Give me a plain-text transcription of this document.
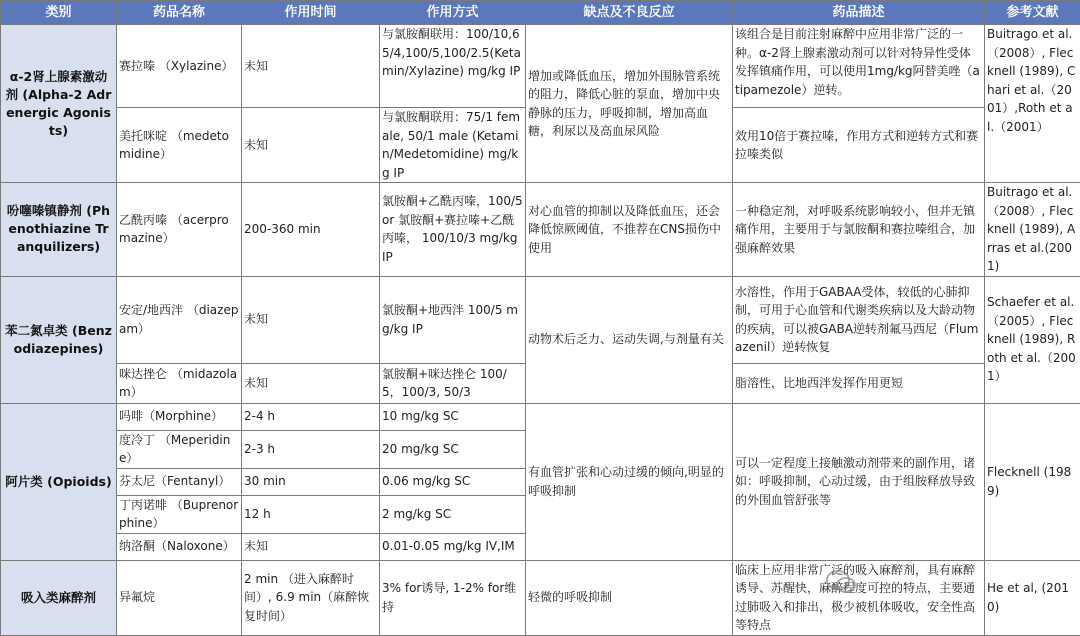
类别	药品名称	作用时间	作用方式	缺点及不良反应	药品描述	参考文献
α-2肾上腺素激动剂 (Alpha-2 Adrenergic Agonists)	赛拉嗪 （Xylazine）	未知	与氯胺酮联用：100/10,65/4,100/5,100/2.5(Ketamin/Xylazine) mg/kg IP	增加或降低血压，增加外围脉管系统的阻力，降低心脏的泵血，增加中央静脉的压力，呼吸抑制，增加高血糖，利尿以及高血尿风险	该组合是目前注射麻醉中应用非常广泛的一种。α-2肾上腺素激动剂可以针对特异性受体发挥镇痛作用，可以使用1mg/kg阿替美唑（atipamezole）逆转。	Buitrago et al.（2008）, Flecknell (1989), Chari et al.（2001）,Roth et al.（2001）
	美托咪啶 （medetomidine）	未知	与氯胺酮联用：75/1 female, 50/1 male (Ketamin/Medetomidine) mg/kg IP		效用10倍于赛拉嗪，作用方式和逆转方式和赛拉嗪类似	
吩噻嗪镇静剂 (Phenothiazine Tranquilizers)	乙酰丙嗪 （acerpromazine）	200-360 min	氯胺酮+乙酰丙嗪，100/5 or 氯胺酮+赛拉嗪+乙酰丙嗪， 100/10/3 mg/kg IP	对心血管的抑制以及降低血压，还会降低惊厥阈值，不推荐在CNS损伤中使用	一种稳定剂，对呼吸系统影响较小，但并无镇痛作用，主要用于与氯胺酮和赛拉嗪组合，加强麻醉效果	Buitrago et al.（2008）, Flecknell (1989), Arras et al.(2001)
苯二氮卓类 (Benzodiazepines)	安定/地西泮 （diazepam）	未知	氯胺酮+地西泮 100/5 mg/kg IP	动物术后乏力、运动失调,与剂量有关	水溶性，作用于GABAA受体，较低的心肺抑制，可用于心血管和代谢类疾病以及大龄动物的疾病，可以被GABA逆转剂氟马西尼（Flumazenil）逆转恢复	Schaefer et al.（2005）, Flecknell (1989), Roth et al.（2001）
	咪达挫仑 （midazolam）	未知	氯胺酮+咪达挫仑 100/5，100/3, 50/3		脂溶性，比地西泮发挥作用更短	
阿片类 (Opioids)	吗啡（Morphine）	2-4 h	10 mg/kg SC	有血管扩张和心动过缓的倾向,明显的呼吸抑制	可以一定程度上接触激动剂带来的副作用，诸如：呼吸抑制，心动过缓，由于组胺释放导致的外围血管舒张等	Flecknell (1989)
	度冷丁 （Meperidine）	2-3 h	20 mg/kg SC			
	芬太尼（Fentanyl）	30 min	0.06 mg/kg SC			
	丁丙诺啡 （Buprenorphine）	12 h	2 mg/kg SC			
	纳洛酮（Naloxone）	未知	0.01-0.05 mg/kg IV,IM			
吸入类麻醉剂	异氟烷	2 min （进入麻醉时间）, 6.9 min（麻醉恢复时间）	3% for诱导, 1-2% for维持	轻微的呼吸抑制	临床上应用非常广泛的吸入麻醉剂，具有麻醉诱导、苏醒快，麻醉程度可控的特点，主要通过肺吸入和排出，极少被机体吸收，安全性高等特点	He et al, (2010)
